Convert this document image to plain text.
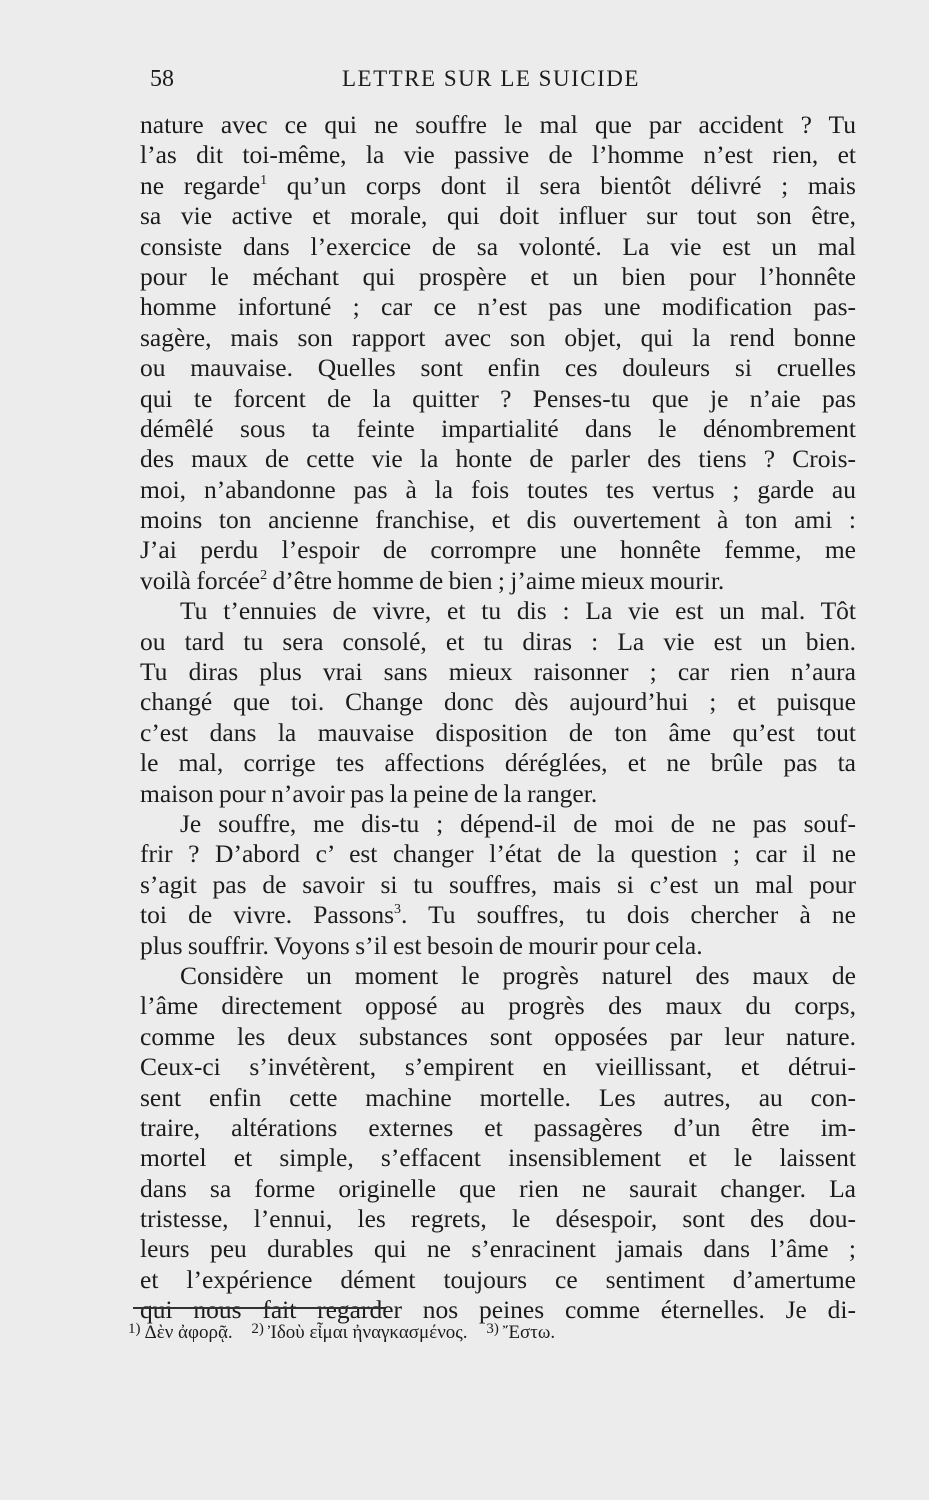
58	LETTRE SUR LE SUICIDE
nature avec ce qui ne souffre le mal que par accident ? Tu
l’as dit toi-même, la vie passive de l’homme n’est rien, et
ne regarde$^1$ qu’un corps dont il sera bientôt délivré ; mais
sa vie active et morale, qui doit influer sur tout son être,
consiste dans l’exercice de sa volonté. La vie est un mal
pour le méchant qui prospère et un bien pour l’honnête
homme infortuné ; car ce n’est pas une modification pas-
sagère, mais son rapport avec son objet, qui la rend bonne
ou mauvaise. Quelles sont enfin ces douleurs si cruelles
qui te forcent de la quitter ? Penses-tu que je n’aie pas
démêlé sous ta feinte impartialité dans le dénombrement
des maux de cette vie la honte de parler des tiens ? Crois-
moi, n’abandonne pas à la fois toutes tes vertus ; garde au
moins ton ancienne franchise, et dis ouvertement à ton ami :
J’ai perdu l’espoir de corrompre une honnête femme, me
voilà forcée$^2$ d’être homme de bien ; j’aime mieux mourir.
Tu t’ennuies de vivre, et tu dis : La vie est un mal. Tôt
ou tard tu sera consolé, et tu diras : La vie est un bien.
Tu diras plus vrai sans mieux raisonner ; car rien n’aura
changé que toi. Change donc dès aujourd’hui ; et puisque
c’est dans la mauvaise disposition de ton âme qu’est tout
le mal, corrige tes affections déréglées, et ne brûle pas ta
maison pour n’avoir pas la peine de la ranger.
Je souffre, me dis-tu ; dépend-il de moi de ne pas souf-
frir ? D’abord c’ est changer l’état de la question ; car il ne
s’agit pas de savoir si tu souffres, mais si c’est un mal pour
toi de vivre. Passons$^3$. Tu souffres, tu dois chercher à ne
plus souffrir. Voyons s’il est besoin de mourir pour cela.
Considère un moment le progrès naturel des maux de
l’âme directement opposé au progrès des maux du corps,
comme les deux substances sont opposées par leur nature.
Ceux-ci s’invétèrent, s’empirent en vieillissant, et détrui-
sent enfin cette machine mortelle. Les autres, au con-
traire, altérations externes et passagères d’un être im-
mortel et simple, s’effacent insensiblement et le laissent
dans sa forme originelle que rien ne saurait changer. La
tristesse, l’ennui, les regrets, le désespoir, sont des dou-
leurs peu durables qui ne s’enracinent jamais dans l’âme ;
et l’expérience dément toujours ce sentiment d’amertume
qui nous fait regarder nos peines comme éternelles. Je di-
$^{1)}$ Δὲν ἀφορᾷ. $^{2)}$ Ἰδοὺ εἶμαι ἠναγκασμένος. $^{3)}$ Ἔστω.
